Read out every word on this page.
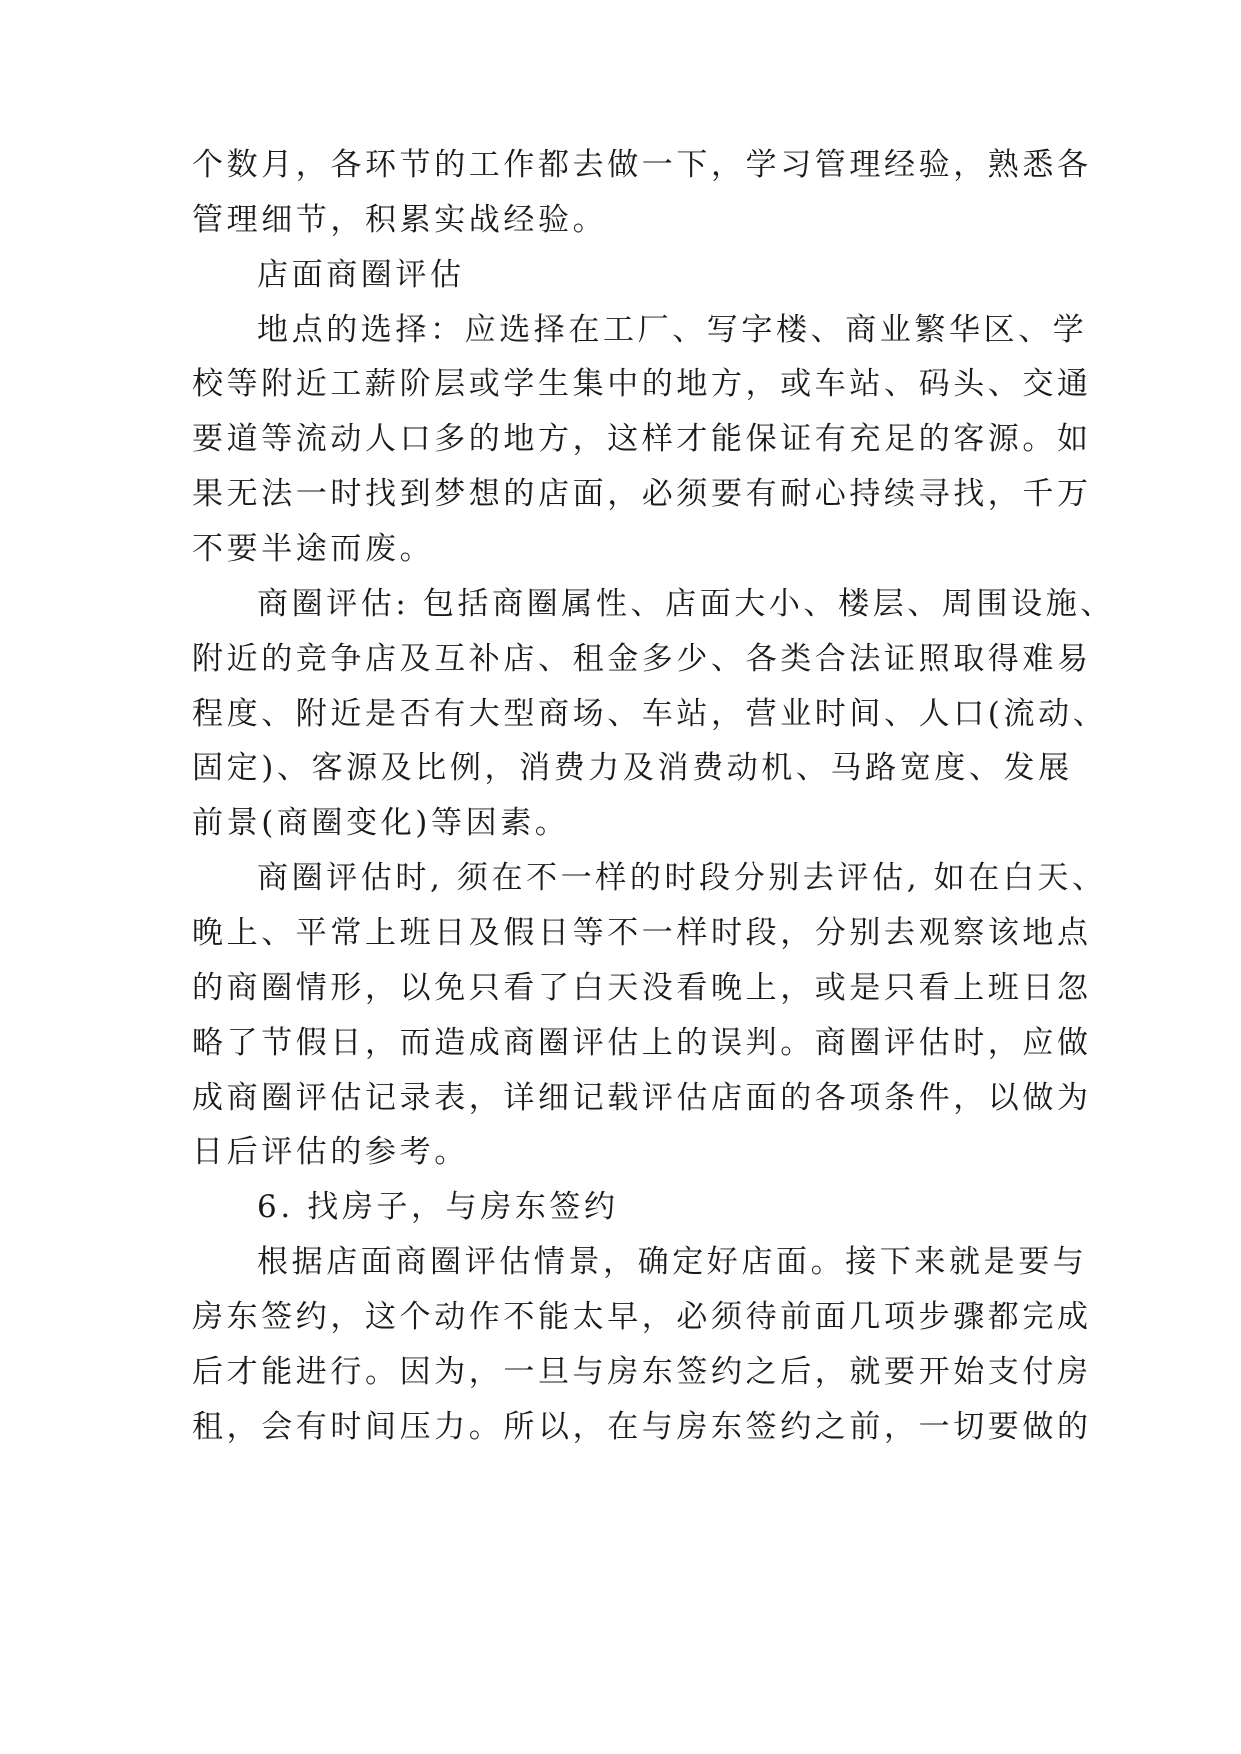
个数月，各环节的工作都去做一下，学习管理经验，熟悉各
管理细节，积累实战经验。
店面商圈评估
地点的选择：应选择在工厂、写字楼、商业繁华区、学
校等附近工薪阶层或学生集中的地方，或车站、码头、交通
要道等流动人口多的地方，这样才能保证有充足的客源。如
果无法一时找到梦想的店面，必须要有耐心持续寻找，千万
不要半途而废。
商圈评估: 包括商圈属性、店面大小、楼层、周围设施、
附近的竞争店及互补店、租金多少、各类合法证照取得难易
程度、附近是否有大型商场、车站，营业时间、人口(流动、
固定)、客源及比例，消费力及消费动机、马路宽度、发展
前景(商圈变化)等因素。
商圈评估时, 须在不一样的时段分别去评估, 如在白天、
晚上、平常上班日及假日等不一样时段，分别去观察该地点
的商圈情形，以免只看了白天没看晚上，或是只看上班日忽
略了节假日，而造成商圈评估上的误判。商圈评估时，应做
成商圈评估记录表，详细记载评估店面的各项条件，以做为
日后评估的参考。
6. 找房子，与房东签约
根据店面商圈评估情景，确定好店面。接下来就是要与
房东签约，这个动作不能太早，必须待前面几项步骤都完成
后才能进行。因为，一旦与房东签约之后，就要开始支付房
租，会有时间压力。所以，在与房东签约之前，一切要做的
